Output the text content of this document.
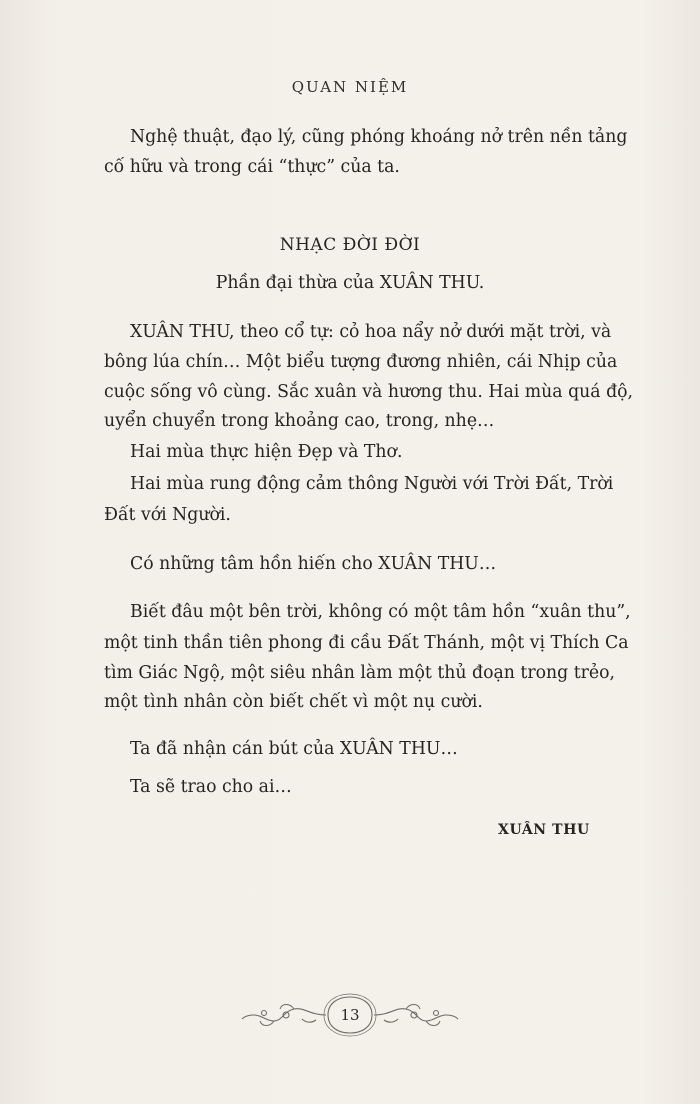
QUAN NIỆM
Nghệ thuật, đạo lý, cũng phóng khoáng nở trên nền tảng
cố hữu và trong cái “thực” của ta.
NHẠC ĐỜI ĐỜI
Phần đại thừa của XUÂN THU.
XUÂN THU, theo cổ tự: cỏ hoa nẩy nở dưới mặt trời, và
bông lúa chín… Một biểu tượng đương nhiên, cái Nhịp của
cuộc sống vô cùng. Sắc xuân và hương thu. Hai mùa quá độ,
uyển chuyển trong khoảng cao, trong, nhẹ…
Hai mùa thực hiện Đẹp và Thơ.
Hai mùa rung động cảm thông Người với Trời Đất, Trời
Đất với Người.
Có những tâm hồn hiến cho XUÂN THU…
Biết đâu một bên trời, không có một tâm hồn “xuân thu”,
một tinh thần tiên phong đi cầu Đất Thánh, một vị Thích Ca
tìm Giác Ngộ, một siêu nhân làm một thủ đoạn trong trẻo,
một tình nhân còn biết chết vì một nụ cười.
Ta đã nhận cán bút của XUÂN THU…
Ta sẽ trao cho ai…
XUÂN THU
13
